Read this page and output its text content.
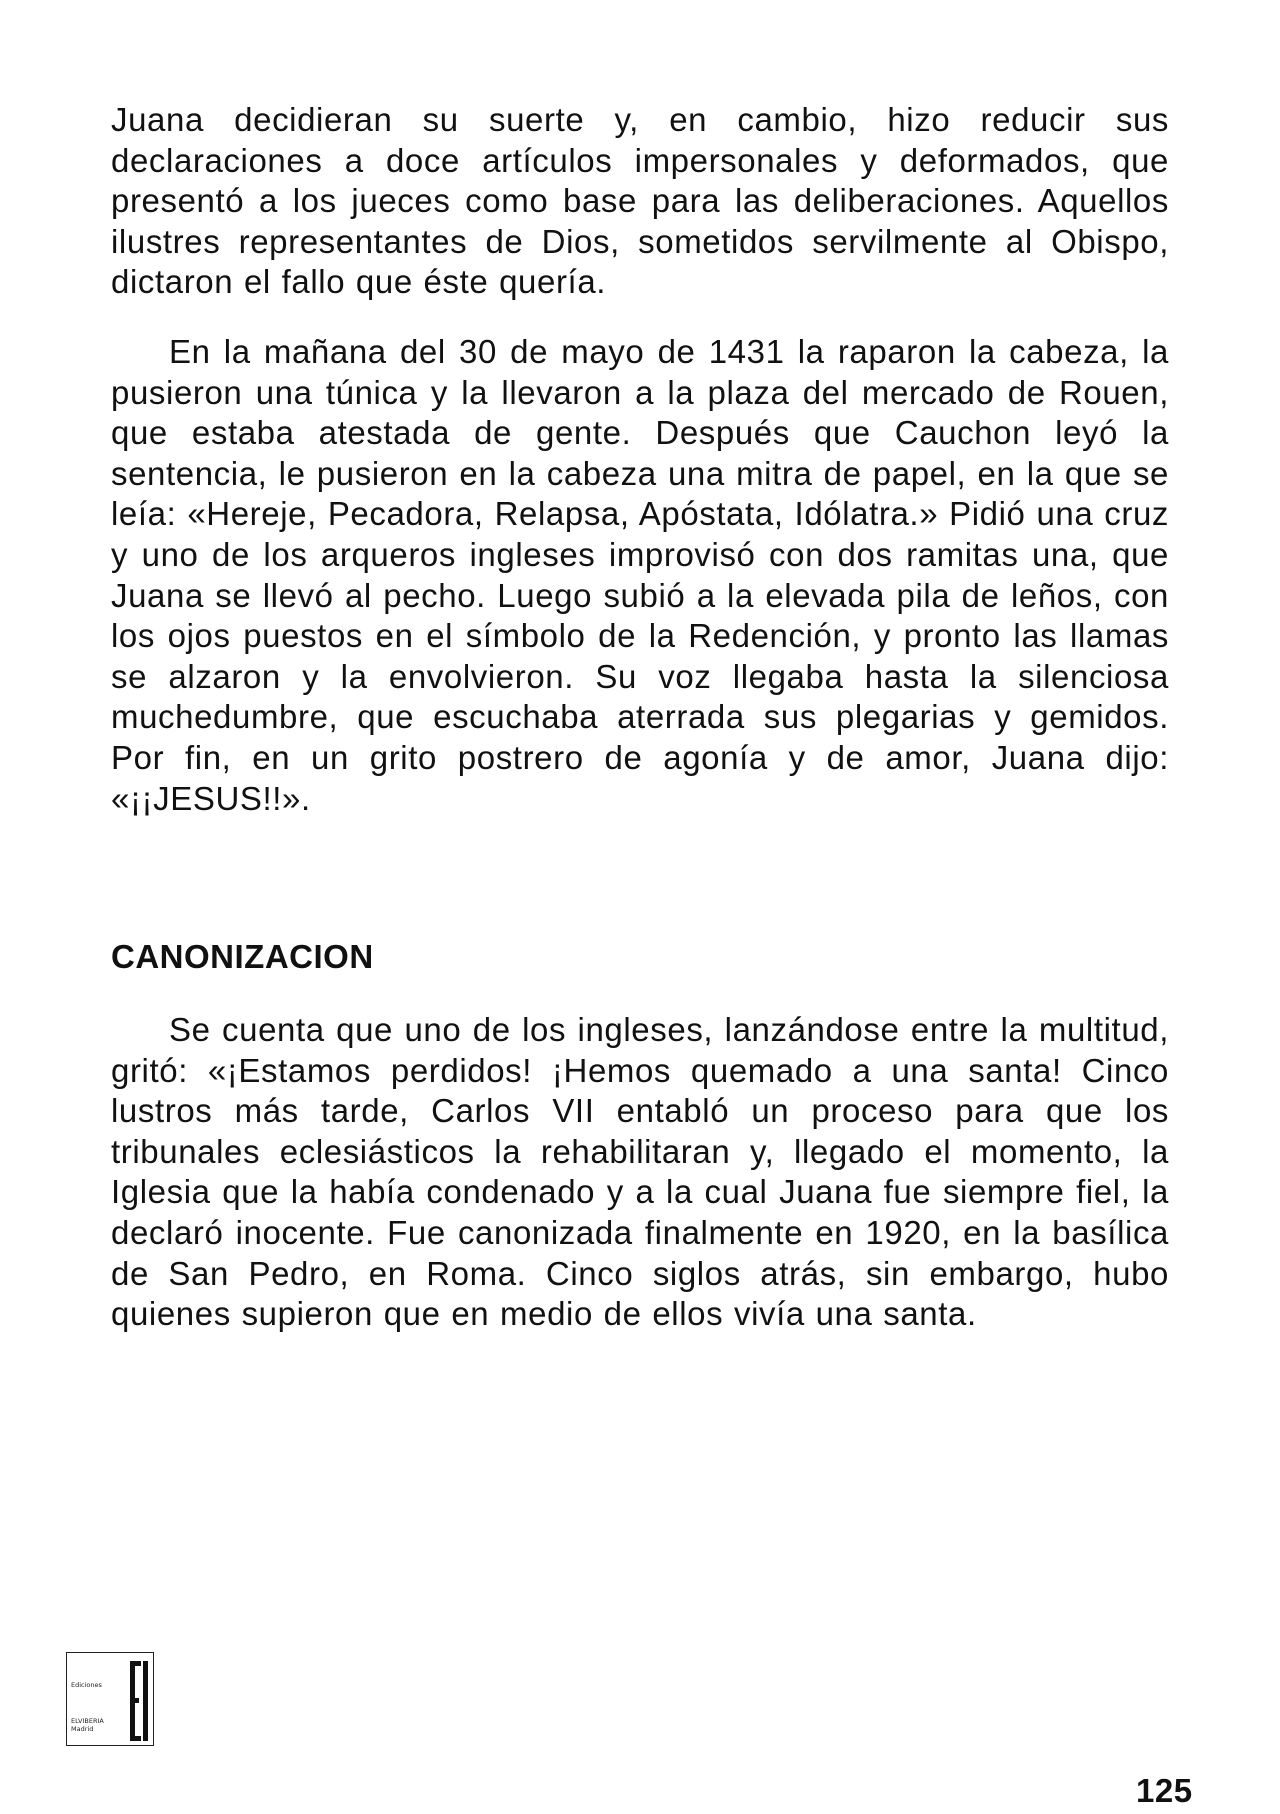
Juana decidieran su suerte y, en cambio, hizo reducir sus declaraciones a doce artículos impersonales y deformados, que presentó a los jueces como base para las deliberaciones. Aquellos ilustres representantes de Dios, sometidos servilmente al Obispo, dictaron el fallo que éste quería.

En la mañana del 30 de mayo de 1431 la raparon la cabeza, la pusieron una túnica y la llevaron a la plaza del mercado de Rouen, que estaba atestada de gente. Después que Cauchon leyó la sentencia, le pusieron en la cabeza una mitra de papel, en la que se leía: «Hereje, Pecadora, Relapsa, Apóstata, Idólatra.» Pidió una cruz y uno de los arqueros ingleses improvisó con dos ramitas una, que Juana se llevó al pecho. Luego subió a la elevada pila de leños, con los ojos puestos en el símbolo de la Redención, y pronto las llamas se alzaron y la envolvieron. Su voz llegaba hasta la silenciosa muchedumbre, que escuchaba aterrada sus plegarias y gemidos. Por fin, en un grito postrero de agonía y de amor, Juana dijo: «¡¡JESUS!!».

CANONIZACION

Se cuenta que uno de los ingleses, lanzándose entre la multitud, gritó: «¡Estamos perdidos! ¡Hemos quemado a una santa! Cinco lustros más tarde, Carlos VII entabló un proceso para que los tribunales eclesiásticos la rehabilitaran y, llegado el momento, la Iglesia que la había condenado y a la cual Juana fue siempre fiel, la declaró inocente. Fue canonizada finalmente en 1920, en la basílica de San Pedro, en Roma. Cinco siglos atrás, sin embargo, hubo quienes supieron que en medio de ellos vivía una santa.

Ediciones
ELVIBERIA
Madrid

125
